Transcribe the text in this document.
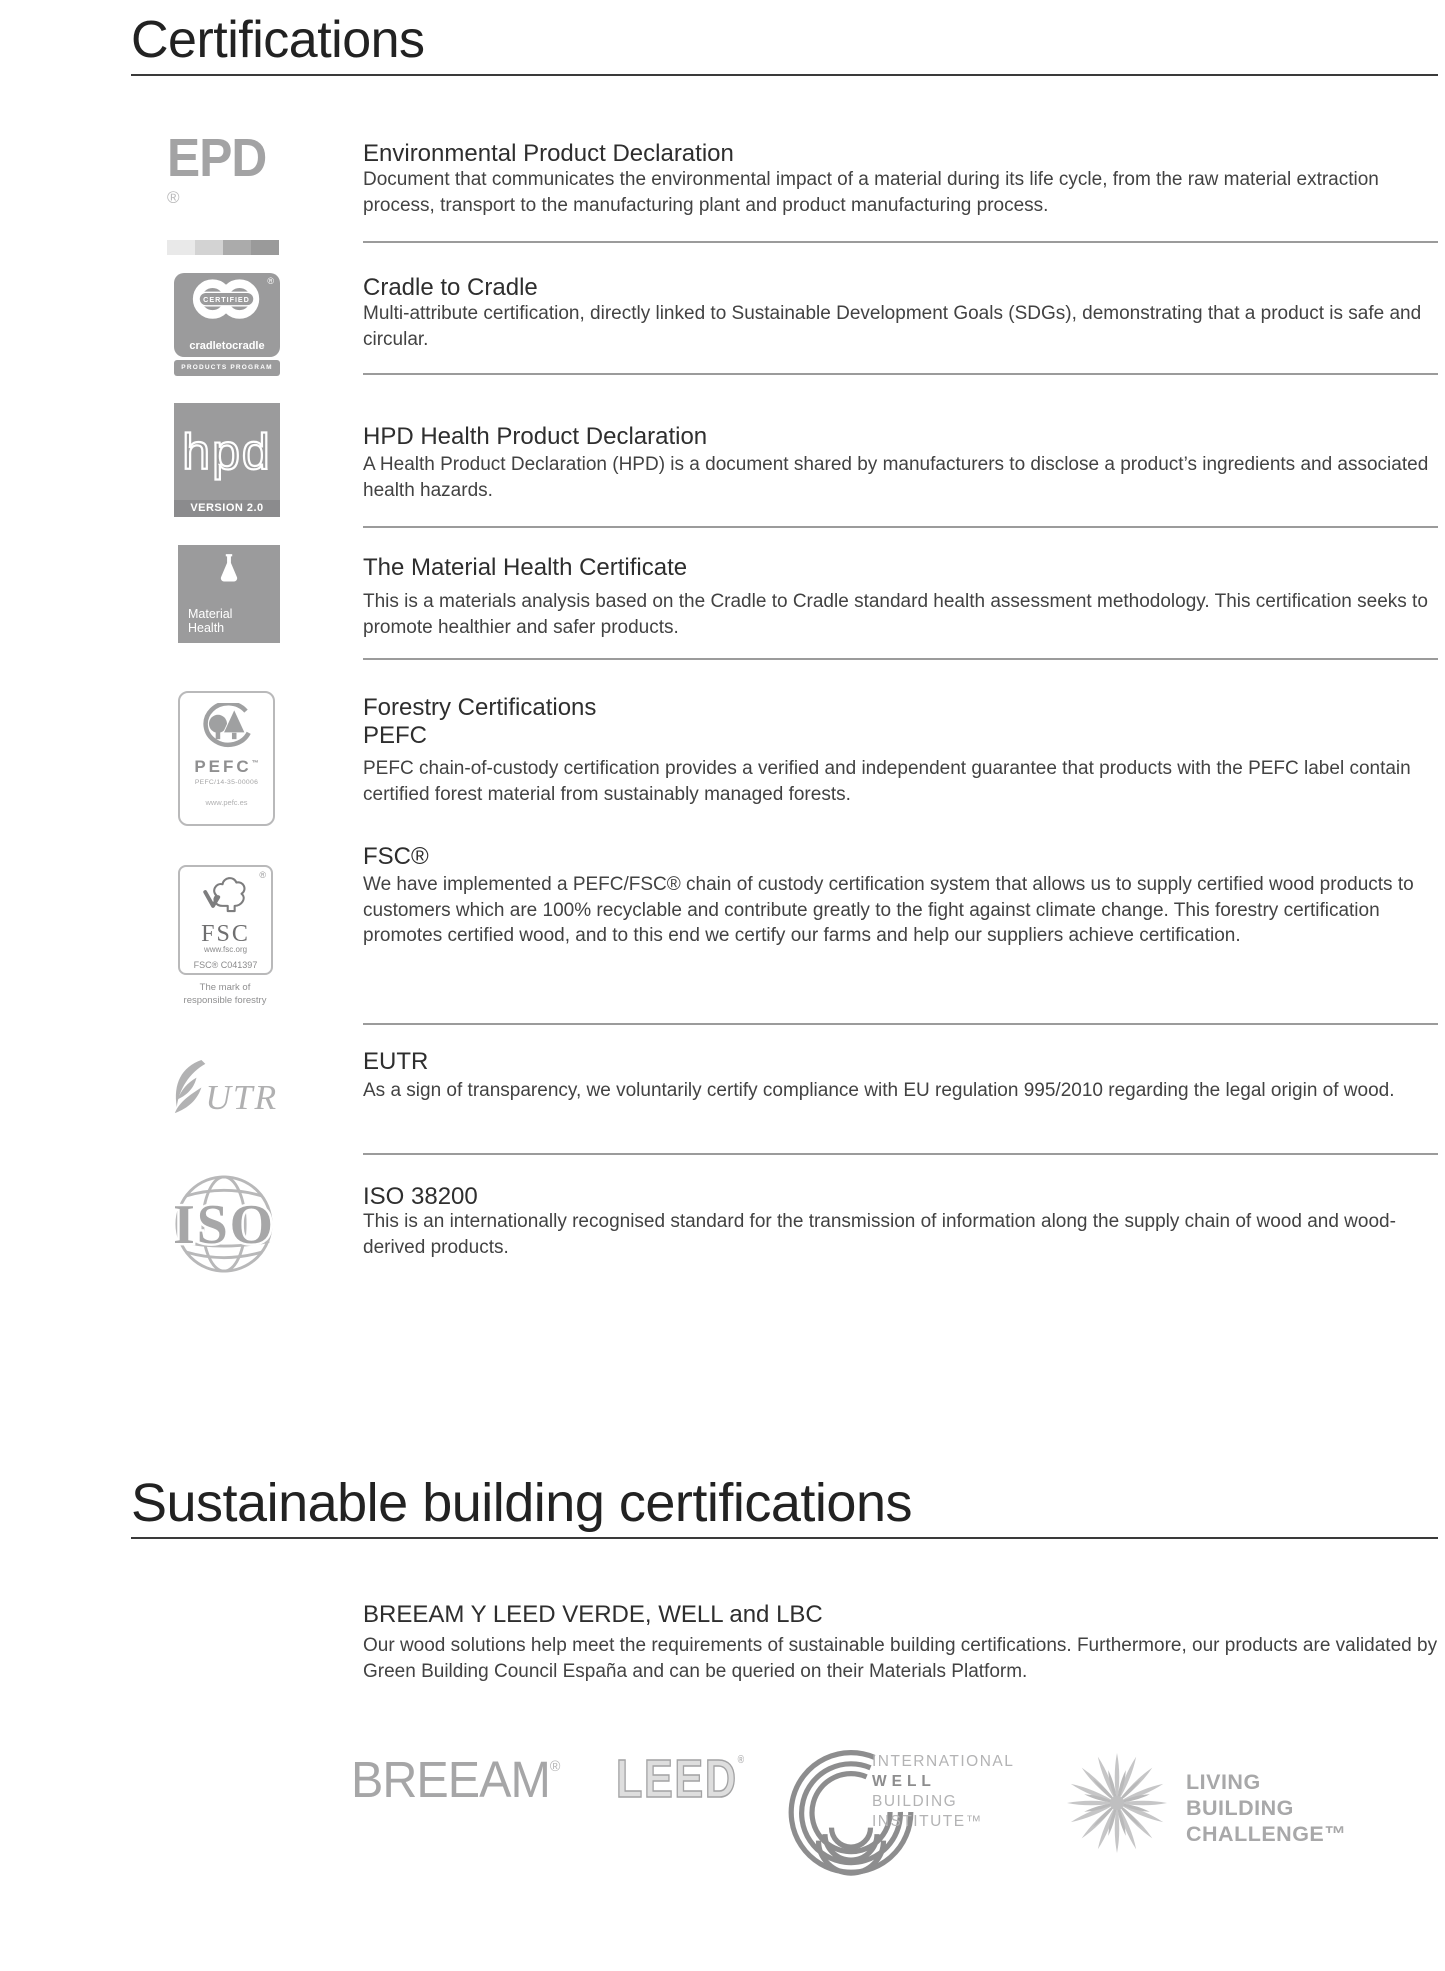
Certifications
EPD®
Environmental Product Declaration

Document that communicates the environmental impact of a material during its life cycle, from the raw material extraction process, transport to the manufacturing plant and product manufacturing process.

®
CERTIFIED
cradletocradle
PRODUCTS PROGRAM
Cradle to Cradle

Multi-attribute certification, directly linked to Sustainable Development Goals (SDGs), demonstrating that a product is safe and circular.

hpd
VERSION 2.0
HPD Health Product Declaration

A Health Product Declaration (HPD) is a document shared by manufacturers to disclose a product’s ingredients and associated health hazards.

Material
Health
The Material Health Certificate

This is a materials analysis based on the Cradle to Cradle standard health assessment methodology. This certification seeks to promote healthier and safer products.

PEFC™
PEFC/14-35-00006
www.pefc.es
Forestry Certifications
PEFC

PEFC chain-of-custody certification provides a verified and independent guarantee that products with the PEFC label contain certified forest material from sustainably managed forests.

FSC®
®
FSC
www.fsc.org
FSC® C041397
The mark of
responsible forestry

We have implemented a PEFC/FSC® chain of custody certification system that allows us to supply certified wood products to customers which are 100% recyclable and contribute greatly to the fight against climate change. This forestry certification promotes certified wood, and to this end we certify our farms and help our suppliers achieve certification.

UTR
EUTR

As a sign of transparency, we voluntarily certify compliance with EU regulation 995/2010 regarding the legal origin of wood.

ISO	ISO 38200

This is an internationally recognised standard for the transmission of information along the supply chain of wood and wood-derived products.

Sustainable building certifications
BREEAM Y LEED VERDE, WELL and LBC

Our wood solutions help meet the requirements of sustainable building certifications. Furthermore, our products are validated by Green Building Council España and can be queried on their Materials Platform.

BREEAM® LEED®	INTERNATIONAL
WELL
BUILDING
INSTITUTE™
LIVING
BUILDING
CHALLENGE™
